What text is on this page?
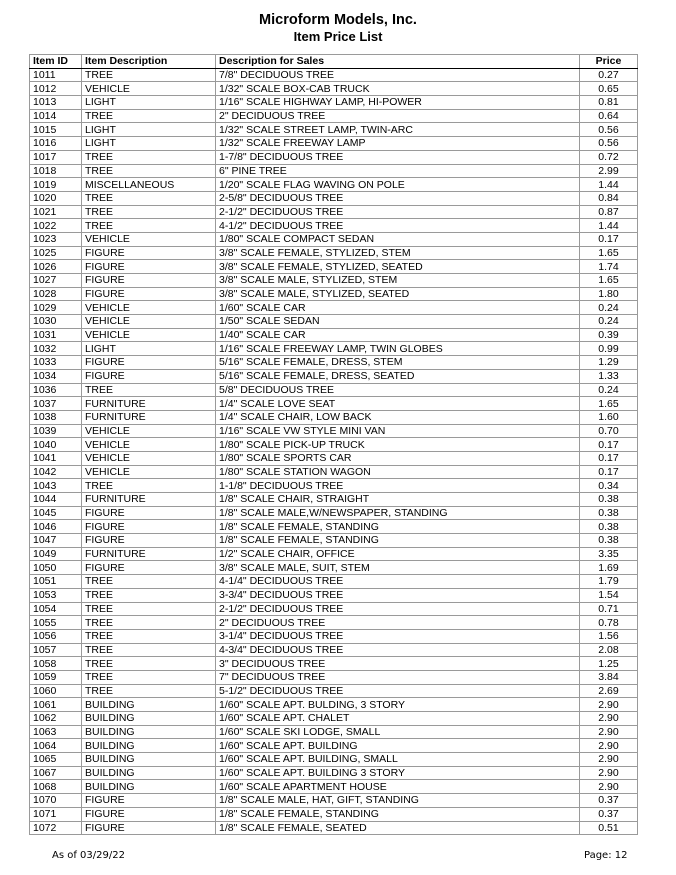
Microform Models, Inc.
Item Price List
Item ID	Item Description	Description for Sales	Price
1011	TREE	7/8" DECIDUOUS TREE	0.27
1012	VEHICLE	1/32" SCALE BOX-CAB TRUCK	0.65
1013	LIGHT	1/16" SCALE HIGHWAY LAMP, HI-POWER	0.81
1014	TREE	2" DECIDUOUS TREE	0.64
1015	LIGHT	1/32" SCALE STREET LAMP, TWIN-ARC	0.56
1016	LIGHT	1/32" SCALE FREEWAY LAMP	0.56
1017	TREE	1-7/8" DECIDUOUS TREE	0.72
1018	TREE	6" PINE TREE	2.99
1019	MISCELLANEOUS	1/20" SCALE FLAG WAVING ON POLE	1.44
1020	TREE	2-5/8" DECIDUOUS TREE	0.84
1021	TREE	2-1/2" DECIDUOUS TREE	0.87
1022	TREE	4-1/2" DECIDUOUS TREE	1.44
1023	VEHICLE	1/80" SCALE COMPACT SEDAN	0.17
1025	FIGURE	3/8" SCALE FEMALE, STYLIZED, STEM	1.65
1026	FIGURE	3/8" SCALE FEMALE, STYLIZED, SEATED	1.74
1027	FIGURE	3/8" SCALE MALE, STYLIZED, STEM	1.65
1028	FIGURE	3/8" SCALE MALE, STYLIZED, SEATED	1.80
1029	VEHICLE	1/60" SCALE CAR	0.24
1030	VEHICLE	1/50" SCALE SEDAN	0.24
1031	VEHICLE	1/40" SCALE CAR	0.39
1032	LIGHT	1/16" SCALE FREEWAY LAMP, TWIN GLOBES	0.99
1033	FIGURE	5/16" SCALE FEMALE, DRESS, STEM	1.29
1034	FIGURE	5/16" SCALE FEMALE, DRESS, SEATED	1.33
1036	TREE	5/8" DECIDUOUS TREE	0.24
1037	FURNITURE	1/4" SCALE LOVE SEAT	1.65
1038	FURNITURE	1/4" SCALE CHAIR, LOW BACK	1.60
1039	VEHICLE	1/16" SCALE VW STYLE MINI VAN	0.70
1040	VEHICLE	1/80" SCALE PICK-UP TRUCK	0.17
1041	VEHICLE	1/80" SCALE SPORTS CAR	0.17
1042	VEHICLE	1/80" SCALE STATION WAGON	0.17
1043	TREE	1-1/8" DECIDUOUS TREE	0.34
1044	FURNITURE	1/8" SCALE CHAIR, STRAIGHT	0.38
1045	FIGURE	1/8" SCALE MALE,W/NEWSPAPER, STANDING	0.38
1046	FIGURE	1/8" SCALE FEMALE, STANDING	0.38
1047	FIGURE	1/8" SCALE FEMALE, STANDING	0.38
1049	FURNITURE	1/2" SCALE CHAIR, OFFICE	3.35
1050	FIGURE	3/8" SCALE MALE, SUIT, STEM	1.69
1051	TREE	4-1/4" DECIDUOUS TREE	1.79
1053	TREE	3-3/4" DECIDUOUS TREE	1.54
1054	TREE	2-1/2" DECIDUOUS TREE	0.71
1055	TREE	2" DECIDUOUS TREE	0.78
1056	TREE	3-1/4" DECIDUOUS TREE	1.56
1057	TREE	4-3/4" DECIDUOUS TREE	2.08
1058	TREE	3" DECIDUOUS TREE	1.25
1059	TREE	7" DECIDUOUS TREE	3.84
1060	TREE	5-1/2" DECIDUOUS TREE	2.69
1061	BUILDING	1/60" SCALE APT. BULDING, 3 STORY	2.90
1062	BUILDING	1/60" SCALE APT. CHALET	2.90
1063	BUILDING	1/60" SCALE SKI LODGE, SMALL	2.90
1064	BUILDING	1/60" SCALE APT. BUILDING	2.90
1065	BUILDING	1/60" SCALE APT. BUILDING, SMALL	2.90
1067	BUILDING	1/60" SCALE APT. BUILDING 3 STORY	2.90
1068	BUILDING	1/60" SCALE APARTMENT HOUSE	2.90
1070	FIGURE	1/8" SCALE MALE, HAT, GIFT, STANDING	0.37
1071	FIGURE	1/8" SCALE FEMALE, STANDING	0.37
1072	FIGURE	1/8" SCALE FEMALE, SEATED	0.51
As of 03/29/22	Page: 12
